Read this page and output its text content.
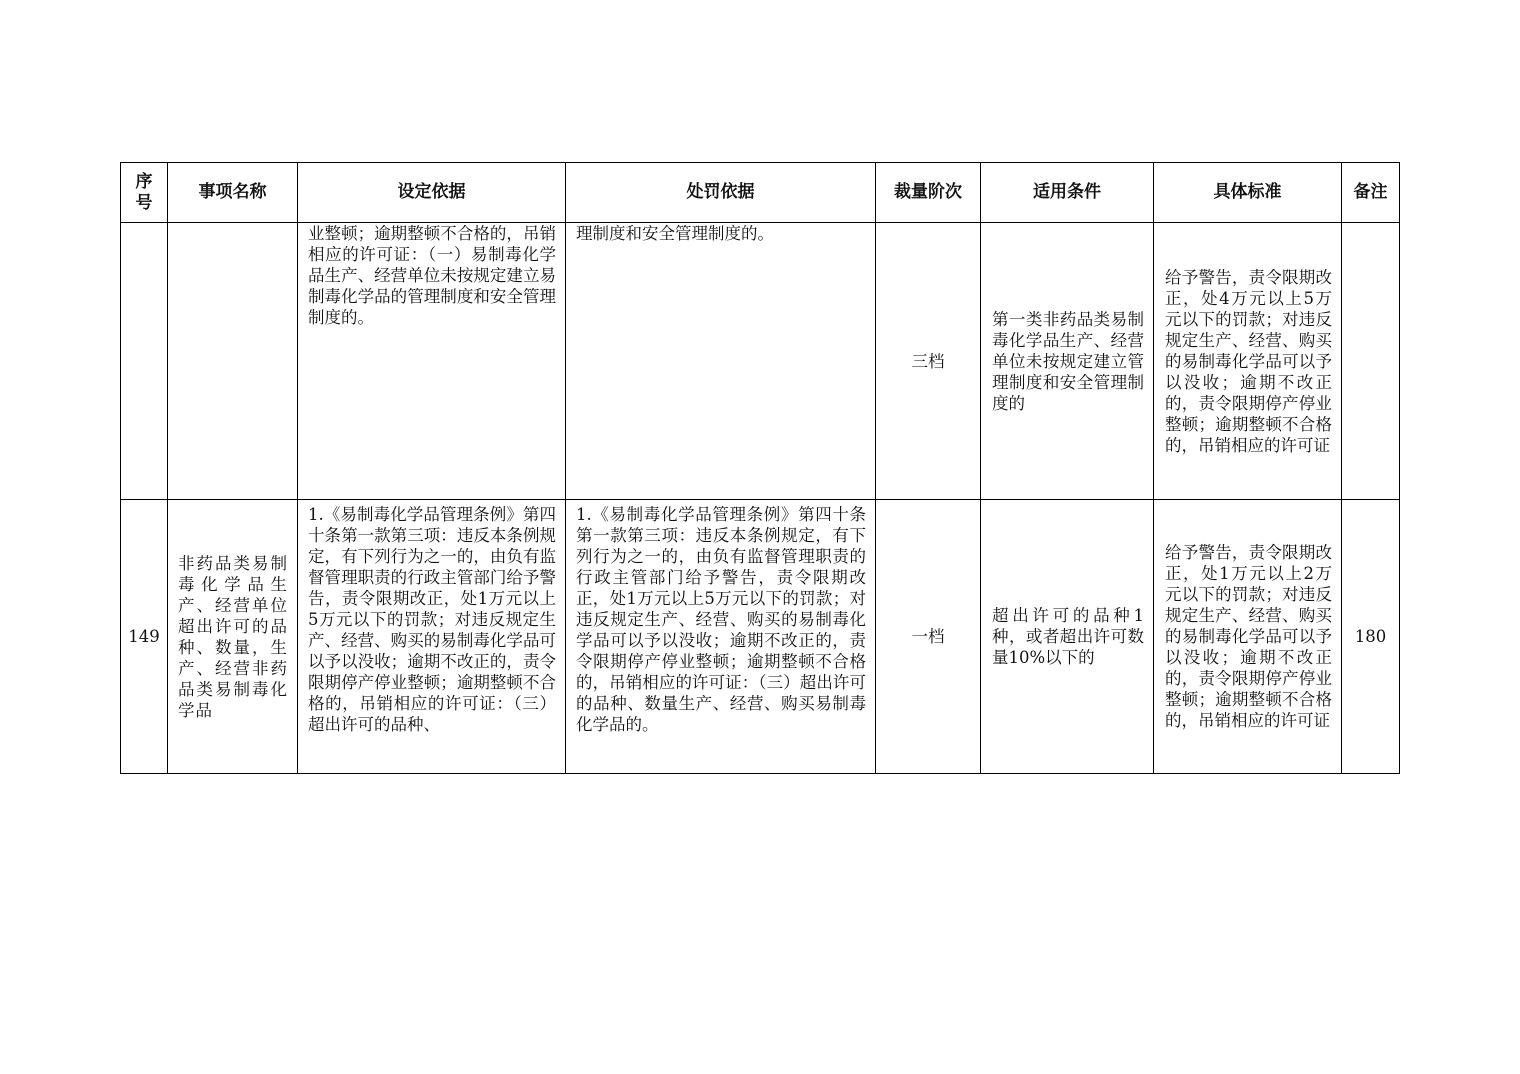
序
号	事项名称	设定依据	处罚依据	裁量阶次	适用条件	具体标准	备注

		业整顿；逾期整顿不合格的，吊销相应的许可证：（一）易制毒化学品生产、经营单位未按规定建立易制毒化学品的管理制度和安全管理制度的。	理制度和安全管理制度的。	三档	第一类非药品类易制毒化学品生产、经营单位未按规定建立管理制度和安全管理制度的	给予警告，责令限期改正，处4万元以上5万元以下的罚款；对违反规定生产、经营、购买的易制毒化学品可以予以没收；逾期不改正的，责令限期停产停业整顿；逾期整顿不合格的，吊销相应的许可证	

149	非药品类易制毒化学品生产、经营单位超出许可的品种、数量，生产、经营非药品类易制毒化学品	1.《易制毒化学品管理条例》第四十条第一款第三项：违反本条例规定，有下列行为之一的，由负有监督管理职责的行政主管部门给予警告，责令限期改正，处1万元以上5万元以下的罚款；对违反规定生产、经营、购买的易制毒化学品可以予以没收；逾期不改正的，责令限期停产停业整顿；逾期整顿不合格的，吊销相应的许可证：（三）超出许可的品种、	1.《易制毒化学品管理条例》第四十条第一款第三项：违反本条例规定，有下列行为之一的，由负有监督管理职责的行政主管部门给予警告，责令限期改正，处1万元以上5万元以下的罚款；对违反规定生产、经营、购买的易制毒化学品可以予以没收；逾期不改正的，责令限期停产停业整顿；逾期整顿不合格的，吊销相应的许可证：（三）超出许可的品种、数量生产、经营、购买易制毒化学品的。	一档	超出许可的品种1种，或者超出许可数量10%以下的	给予警告，责令限期改正，处1万元以上2万元以下的罚款；对违反规定生产、经营、购买的易制毒化学品可以予以没收；逾期不改正的，责令限期停产停业整顿；逾期整顿不合格的，吊销相应的许可证	180
